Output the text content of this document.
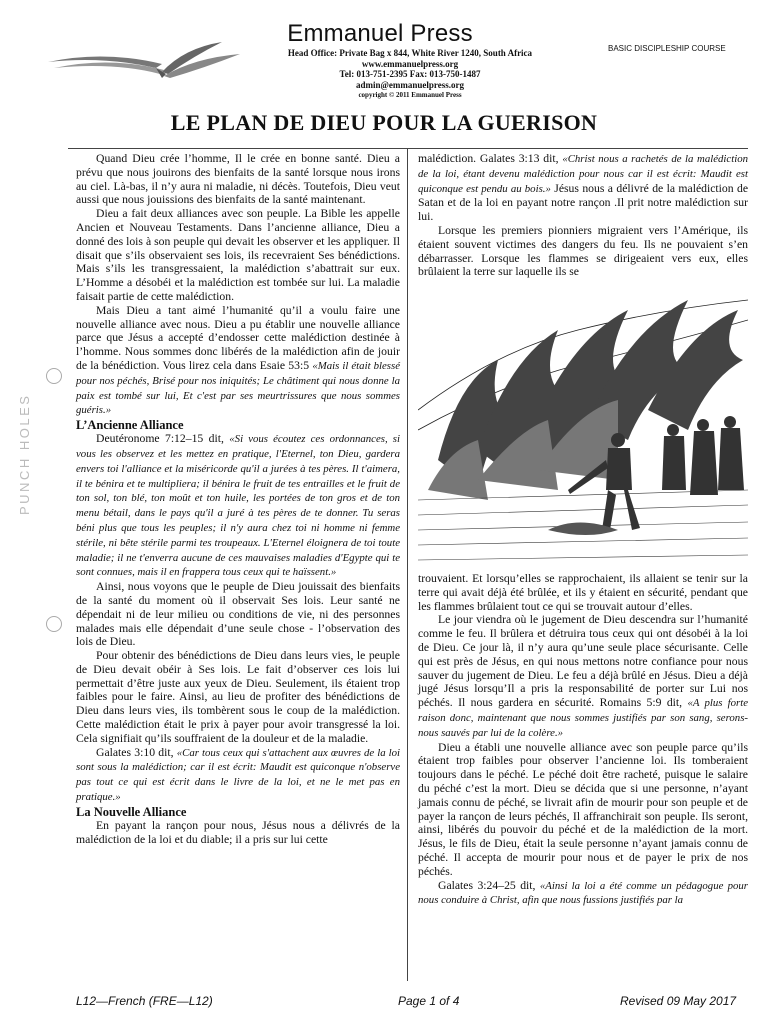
Emmanuel Press
BASIC DISCIPLESHIP COURSE
Head Office: Private Bag x 844, White River 1240, South Africa
www.emmanuelpress.org
Tel: 013-751-2395 Fax: 013-750-1487
admin@emmanuelpress.org
copyright © 2011 Emmanuel Press
LE PLAN DE DIEU POUR LA GUERISON
PUNCH HOLES

Quand Dieu crée l’homme, Il le crée en bonne santé. Dieu a prévu que nous jouirons des bienfaits de la santé lorsque nous irons au ciel. Là-bas, il n’y aura ni maladie, ni décès. Toutefois, Dieu veut aussi que nous jouissions des bienfaits de la santé maintenant.

Dieu a fait deux alliances avec son peuple. La Bible les appelle Ancien et Nouveau Testaments. Dans l’ancienne alliance, Dieu a donné des lois à son peuple qui devait les observer et les appliquer. Il disait que s’ils observaient ses lois, ils recevraient Ses bénédictions. Mais s’ils les transgressaient, la malédiction s’abattrait sur eux. L’Homme a désobéi et la malédiction est tombée sur lui. La maladie faisait partie de cette malédiction.

Mais Dieu a tant aimé l’humanité qu’il a voulu faire une nouvelle alliance avec nous. Dieu a pu établir une nouvelle alliance parce que Jésus a accepté d’endosser cette malédiction destinée à l’homme. Nous sommes donc libérés de la malédiction afin de jouir de la bénédiction. Vous lirez cela dans Esaie 53:5 «Mais il était blessé pour nos péchés, Brisé pour nos iniquités; Le châtiment qui nous donne la paix est tombé sur lui, Et c'est par ses meurtrissures que nous sommes guéris.»

L’Ancienne Alliance

Deutéronome 7:12–15 dit, «Si vous écoutez ces ordonnances, si vous les observez et les mettez en pratique, l'Eternel, ton Dieu, gardera envers toi l'alliance et la miséricorde qu'il a jurées à tes pères. Il t'aimera, il te bénira et te multipliera; il bénira le fruit de tes entrailles et le fruit de ton sol, ton blé, ton moût et ton huile, les portées de ton gros et de ton menu bétail, dans le pays qu'il a juré à tes pères de te donner. Tu seras béni plus que tous les peuples; il n'y aura chez toi ni homme ni femme stérile, ni bête stérile parmi tes troupeaux. L'Eternel éloignera de toi toute maladie; il ne t'enverra aucune de ces mauvaises maladies d'Egypte qui te sont connues, mais il en frappera tous ceux qui te haïssent.»

Ainsi, nous voyons que le peuple de Dieu jouissait des bienfaits de la santé du moment où il observait Ses lois. Leur santé ne dépendait ni de leur milieu ou conditions de vie, ni des personnes malades mais elle dépendait d’une seule chose - l’observation des lois de Dieu.

Pour obtenir des bénédictions de Dieu dans leurs vies, le peuple de Dieu devait obéir à Ses lois. Le fait d’observer ces lois lui permettait d’être juste aux yeux de Dieu. Seulement, ils étaient trop faibles pour le faire. Ainsi, au lieu de profiter des bénédictions de Dieu dans leurs vies, ils tombèrent sous le coup de la malédiction. Cette malédiction était le prix à payer pour avoir transgressé la loi. Cela signifiait qu’ils souffraient de la douleur et de la maladie.

Galates 3:10 dit, «Car tous ceux qui s'attachent aux œuvres de la loi sont sous la malédiction; car il est écrit: Maudit est quiconque n'observe pas tout ce qui est écrit dans le livre de la loi, et ne le met pas en pratique.»

La Nouvelle Alliance

En payant la rançon pour nous, Jésus nous a délivrés de la malédiction de la loi et du diable; il a pris sur lui cette

malédiction. Galates 3:13 dit, «Christ nous a rachetés de la malédiction de la loi, étant devenu malédiction pour nous car il est écrit: Maudit est quiconque est pendu au bois.» Jésus nous a délivré de la malédiction de Satan et de la loi en payant notre rançon .Il prit notre malédiction sur lui.

Lorsque les premiers pionniers migraient vers l’Amérique, ils étaient souvent victimes des dangers du feu. Ils ne pouvaient s’en débarrasser. Lorsque les flammes se dirigeaient vers eux, elles brûlaient la terre sur laquelle ils se

trouvaient. Et lorsqu’elles se rapprochaient, ils allaient se tenir sur la terre qui avait déjà été brûlée, et ils y étaient en sécurité, pendant que les flammes brûlaient tout ce qui se trouvait autour d’elles.

Le jour viendra où le jugement de Dieu descendra sur l’humanité comme le feu. Il brûlera et détruira tous ceux qui ont désobéi à la loi de Dieu. Ce jour là, il n’y aura qu’une seule place sécurisante. Celle qui est près de Jésus, en qui nous mettons notre confiance pour nous sauver du jugement de Dieu. Le feu a déjà brûlé en Jésus. Dieu a déjà jugé Jésus lorsqu’Il a pris la responsabilité de porter sur Lui nos péchés. Il nous gardera en sécurité. Romains 5:9 dit, «A plus forte raison donc, maintenant que nous sommes justifiés par son sang, serons-nous sauvés par lui de la colère.»

Dieu a établi une nouvelle alliance avec son peuple parce qu’ils étaient trop faibles pour observer l’ancienne loi. Ils tomberaient toujours dans le péché. Le péché doit être racheté, puisque le salaire du péché c’est la mort. Dieu se décida que si une personne, n’ayant jamais connu de péché, se livrait afin de mourir pour son peuple et de payer la rançon de leurs péchés, Il affranchirait son peuple. Ils seront, ainsi, libérés du pouvoir du péché et de la malédiction de la mort. Jésus, le fils de Dieu, était la seule personne n’ayant jamais connu de péché. Il accepta de mourir pour nous et de payer le prix de nos péchés.

Galates 3:24–25 dit, «Ainsi la loi a été comme un pédagogue pour nous conduire à Christ, afin que nous fussions justifiés par la

L12—French (FRE—L12)	Page 1 of 4	Revised 09 May 2017
